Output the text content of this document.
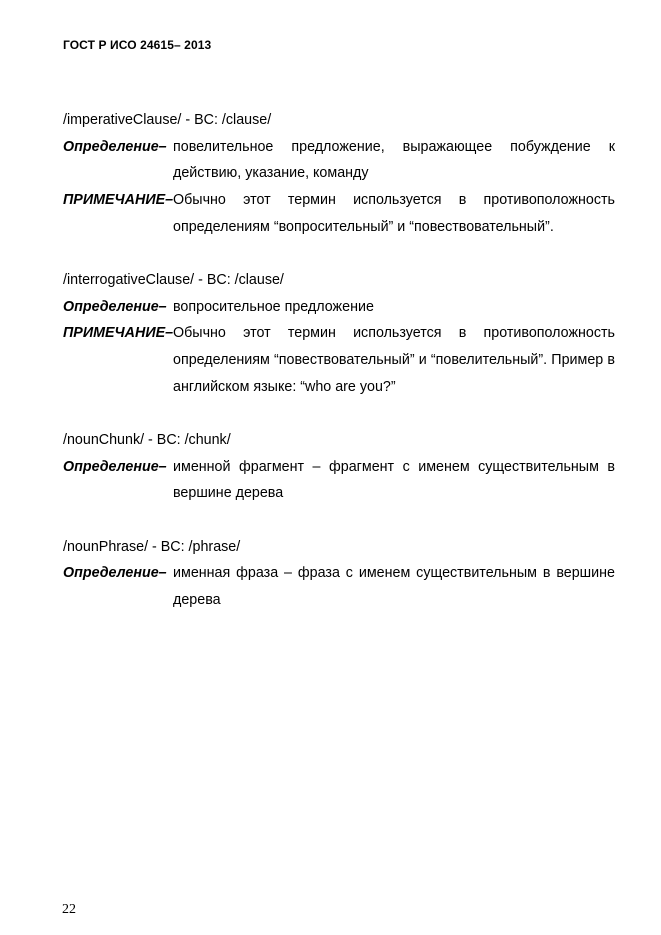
ГОСТ Р ИСО 24615– 2013

/imperativeClause/ - BC: /clause/

Определение– повелительное предложение, выражающее побуждение к действию, указание, команду
ПРИМЕЧАНИЕ– Обычно этот термин используется в противоположность определениям “вопросительный” и “повествовательный”.

/interrogativeClause/ - BC: /clause/

Определение– вопросительное предложение
ПРИМЕЧАНИЕ– Обычно этот термин используется в противоположность определениям “повествовательный” и “повелительный”. Пример в английском языке: “who are you?”

/nounChunk/ - BC: /chunk/

Определение– именной фрагмент – фрагмент с именем существительным в вершине дерева

/nounPhrase/ - BC: /phrase/

Определение– именная фраза – фраза с именем существительным в вершине дерева
22
